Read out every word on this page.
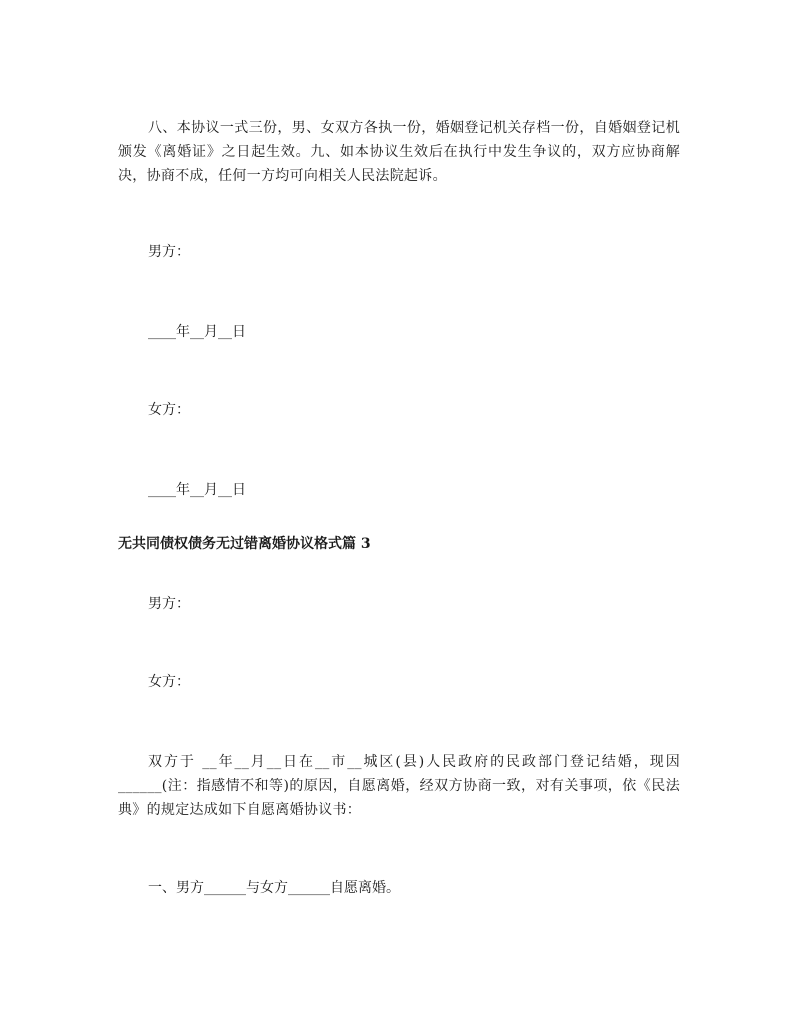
八、本协议一式三份，男、女双方各执一份，婚姻登记机关存档一份，自婚姻登记机颁发《离婚证》之日起生效。九、如本协议生效后在执行中发生争议的，双方应协商解决，协商不成，任何一方均可向相关人民法院起诉。

男方：

____年__月__日

女方：

____年__月__日

无共同债权债务无过错离婚协议格式篇 3

男方：

女方：

双方于 __年__月__日在__市__城区(县)人民政府的民政部门登记结婚，现因______(注：指感情不和等)的原因，自愿离婚，经双方协商一致，对有关事项，依《民法典》的规定达成如下自愿离婚协议书：

一、男方______与女方______自愿离婚。
